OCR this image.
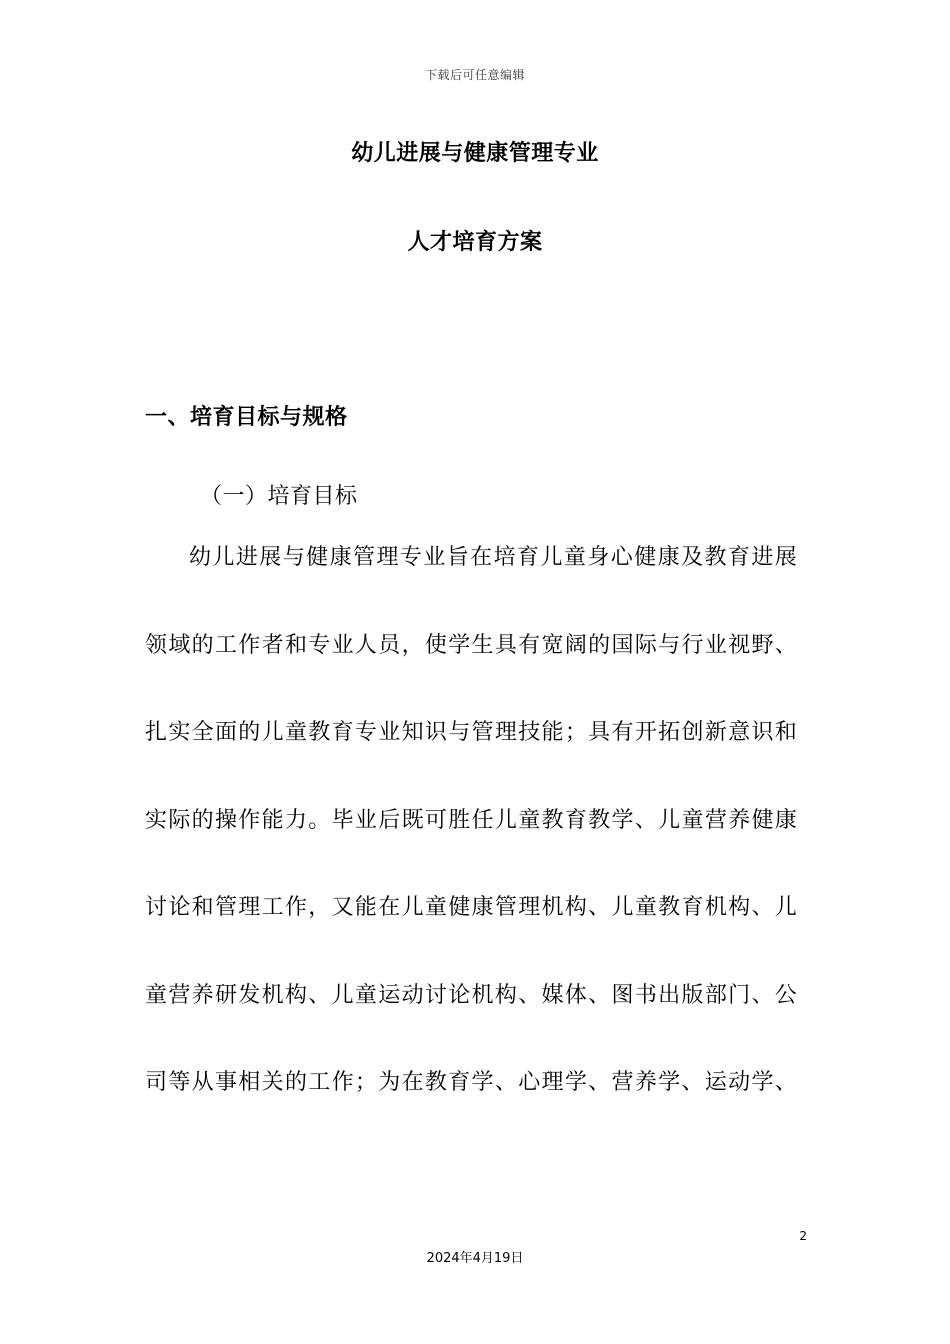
下载后可任意编辑
幼儿进展与健康管理专业
人才培育方案
一、培育目标与规格
（一）培育目标
幼儿进展与健康管理专业旨在培育儿童身心健康及教育进展
领域的工作者和专业人员，使学生具有宽阔的国际与行业视野、
扎实全面的儿童教育专业知识与管理技能；具有开拓创新意识和
实际的操作能力。毕业后既可胜任儿童教育教学、儿童营养健康
讨论和管理工作，又能在儿童健康管理机构、儿童教育机构、儿
童营养研发机构、儿童运动讨论机构、媒体、图书出版部门、公
司等从事相关的工作；为在教育学、心理学、营养学、运动学、
2
2024年4月19日
